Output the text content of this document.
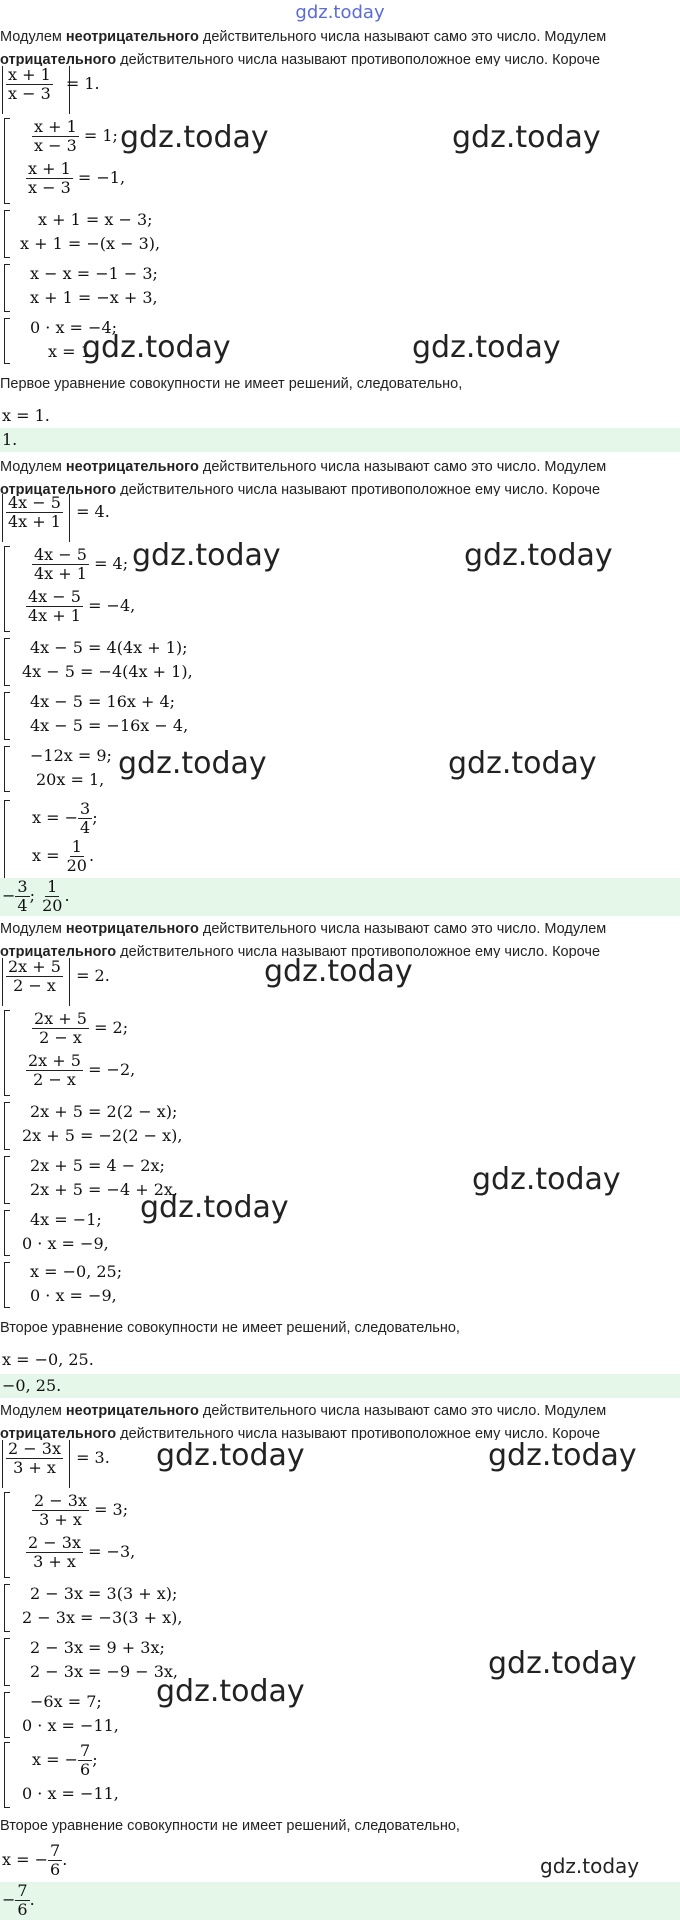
gdz.today
Модулем неотрицательного действительного числа называют само это число. Модулем отрицательного действительного числа называют противоположное ему число. Короче
$\frac{x + 1}{x - 3} = 1$.
$\frac{x + 1}{x - 3} = 1$;
$\frac{x + 1}{x - 3} = -1$,
x + 1 = x − 3;
x + 1 = −(x − 3),
x − x = −1 − 3;
x + 1 = −x + 3,
0 · x = −4;
x = 1.
Первое уравнение совокупности не имеет решений, следовательно,
x = 1.
1.
Модулем неотрицательного действительного числа называют само это число. Модулем отрицательного действительного числа называют противоположное ему число. Короче
$\frac{4x - 5}{4x + 1} = 4$.
$\frac{4x - 5}{4x + 1} = 4$;
$\frac{4x - 5}{4x + 1} = -4$,
4x − 5 = 4(4x + 1);
4x − 5 = −4(4x + 1),
4x − 5 = 16x + 4;
4x − 5 = −16x − 4,
−12x = 9;
20x = 1,
x = − $\frac{3}{4}$ ;
$x = \frac{1}{20}$ .
− $\frac{3}{4}$ ; $\frac{1}{20}$ .
Модулем неотрицательного действительного числа называют само это число. Модулем отрицательного действительного числа называют противоположное ему число. Короче
$\frac{2x + 5}{2 - x} = 2$.
$\frac{2x + 5}{2 - x} = 2$;
$\frac{2x + 5}{2 - x} = -2$,
2x + 5 = 2(2 − x);
2x + 5 = −2(2 − x),
2x + 5 = 4 − 2x;
2x + 5 = −4 + 2x,
4x = −1;
0 · x = −9,
x = −0, 25;
0 · x = −9,
Второе уравнение совокупности не имеет решений, следовательно,
x = −0, 25.
−0, 25.
Модулем неотрицательного действительного числа называют само это число. Модулем отрицательного действительного числа называют противоположное ему число. Короче
$\frac{2 - 3x}{3 + x} = 3$.
$\frac{2 - 3x}{3 + x} = 3$;
$\frac{2 - 3x}{3 + x} = -3$,
2 − 3x = 3(3 + x);
2 − 3x = −3(3 + x),
2 − 3x = 9 + 3x;
2 − 3x = −9 − 3x,
−6x = 7;
0 · x = −11,
x = − $\frac{7}{6}$ ;
0 · x = −11,
Второе уравнение совокупности не имеет решений, следовательно,
x = − $\frac{7}{6}$ .
− $\frac{7}{6}$ .
gdz.today	gdz.today
gdz.today	gdz.today
gdz.today	gdz.today
gdz.today	gdz.today
gdz.today
gdz.today
gdz.today
gdz.today	gdz.today
gdz.today
gdz.today
gdz.today
